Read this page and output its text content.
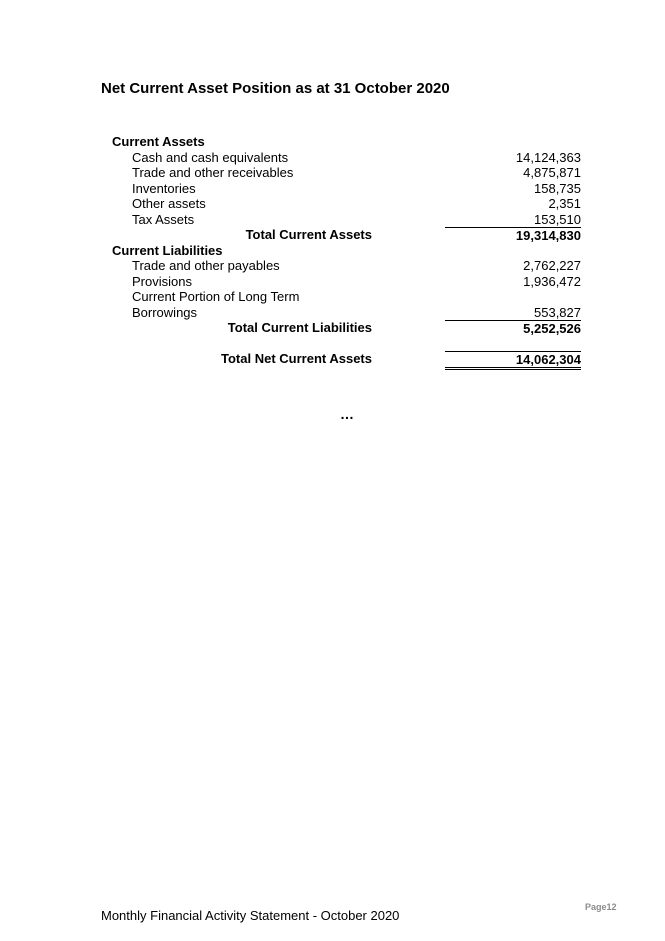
Net Current Asset Position as at 31 October 2020
Current Assets
Cash and cash equivalents	14,124,363
Trade and other receivables	4,875,871
Inventories	158,735
Other assets	2,351
Tax Assets	153,510
Total Current Assets	19,314,830
Current Liabilities
Trade and other payables	2,762,227
Provisions	1,936,472
Current Portion of Long Term
Borrowings	553,827
Total Current Liabilities	5,252,526
Total Net Current Assets	14,062,304
…
Page12
Monthly Financial Activity Statement - October 2020
